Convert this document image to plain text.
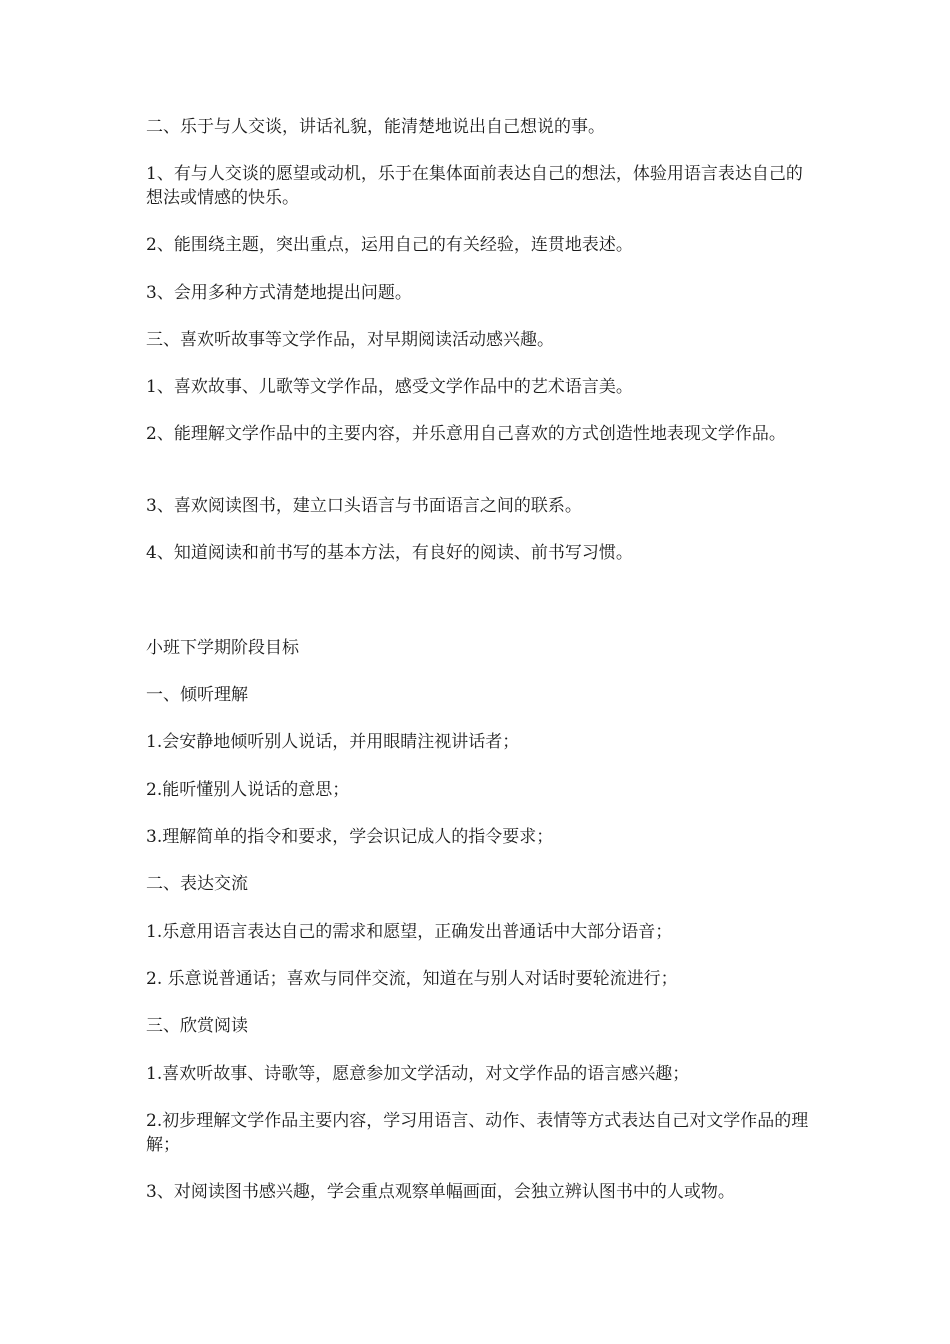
二、乐于与人交谈，讲话礼貌，能清楚地说出自己想说的事。

1、有与人交谈的愿望或动机，乐于在集体面前表达自己的想法，体验用语言表达自己的想法或情感的快乐。

2、能围绕主题，突出重点，运用自己的有关经验，连贯地表述。

3、会用多种方式清楚地提出问题。

三、喜欢听故事等文学作品，对早期阅读活动感兴趣。

1、喜欢故事、儿歌等文学作品，感受文学作品中的艺术语言美。

2、能理解文学作品中的主要内容，并乐意用自己喜欢的方式创造性地表现文学作品。

3、喜欢阅读图书，建立口头语言与书面语言之间的联系。

4、知道阅读和前书写的基本方法，有良好的阅读、前书写习惯。

小班下学期阶段目标

一、倾听理解

1.会安静地倾听别人说话，并用眼睛注视讲话者；

2.能听懂别人说话的意思；

3.理解简单的指令和要求，学会识记成人的指令要求；

二、表达交流

1.乐意用语言表达自己的需求和愿望，正确发出普通话中大部分语音；

2. 乐意说普通话；喜欢与同伴交流，知道在与别人对话时要轮流进行；

三、欣赏阅读

1.喜欢听故事、诗歌等，愿意参加文学活动，对文学作品的语言感兴趣；

2.初步理解文学作品主要内容，学习用语言、动作、表情等方式表达自己对文学作品的理解；

3、对阅读图书感兴趣，学会重点观察单幅画面，会独立辨认图书中的人或物。
